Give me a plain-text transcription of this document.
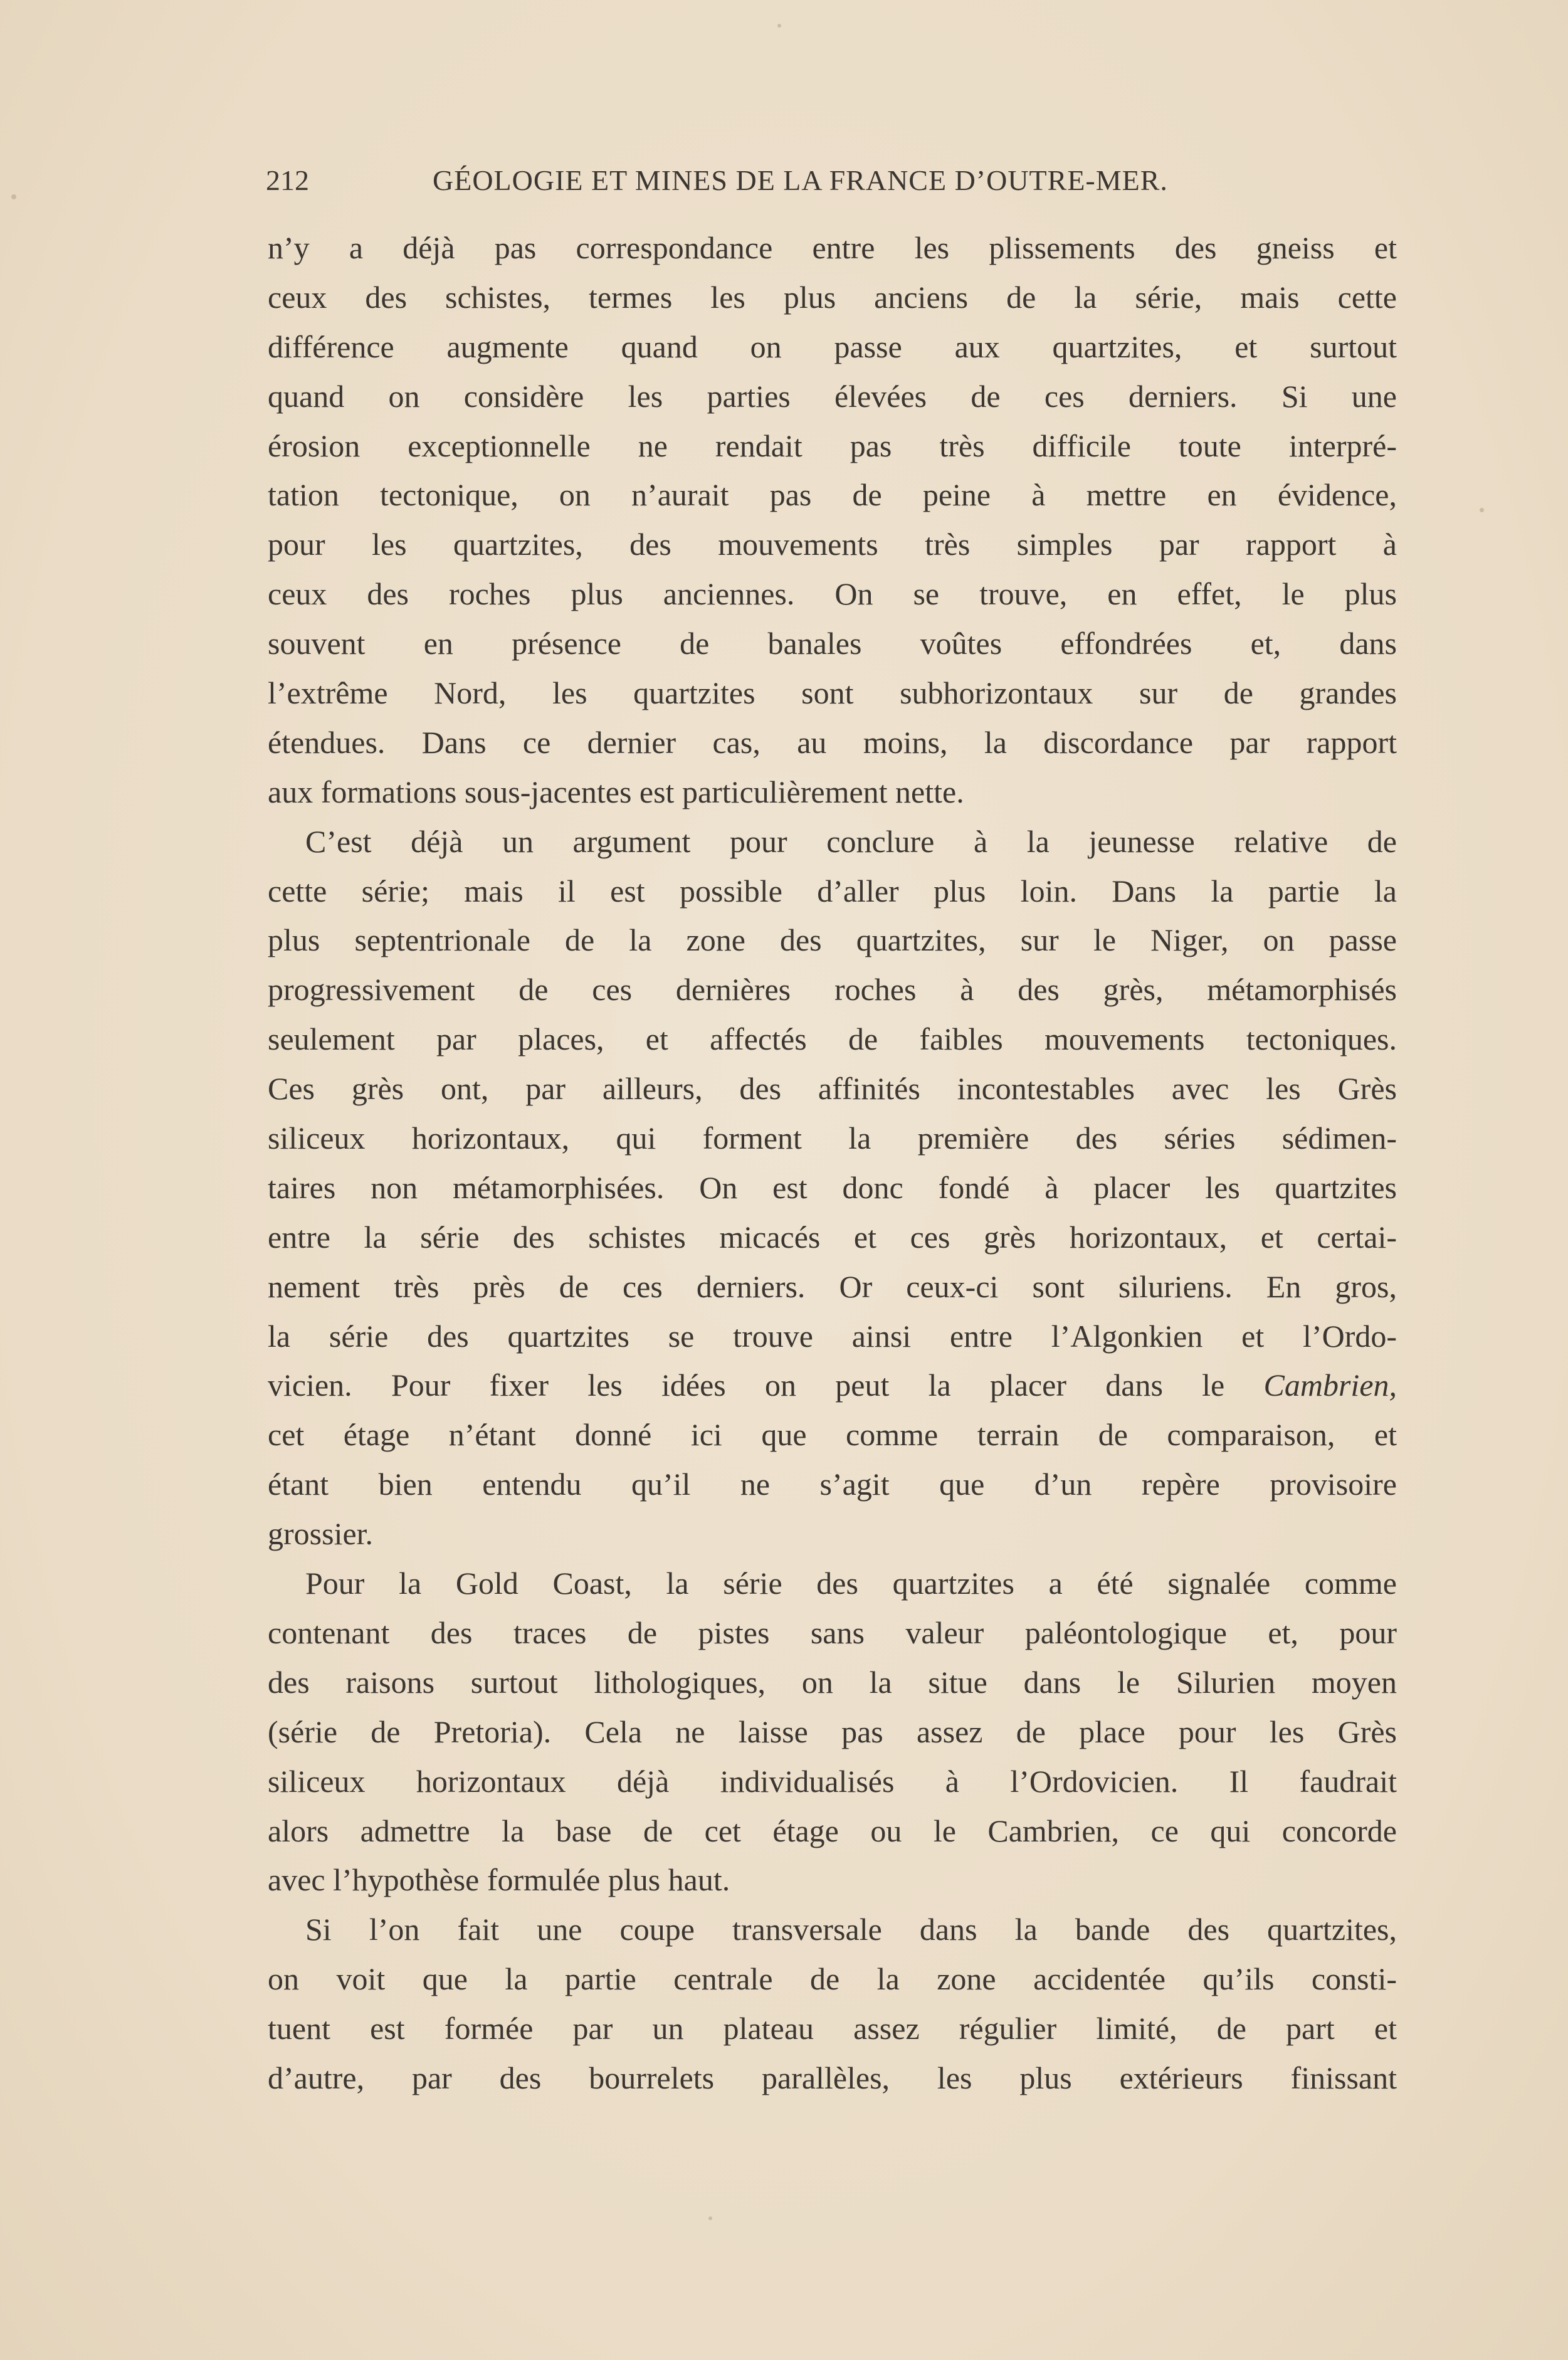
212	GÉOLOGIE ET MINES DE LA FRANCE D’OUTRE-MER.
n’y a déjà pas correspondance entre les plissements des gneiss et
ceux des schistes, termes les plus anciens de la série, mais cette
différence augmente quand on passe aux quartzites, et surtout
quand on considère les parties élevées de ces derniers. Si une
érosion exceptionnelle ne rendait pas très difficile toute interpré-
tation tectonique, on n’aurait pas de peine à mettre en évidence,
pour les quartzites, des mouvements très simples par rapport à
ceux des roches plus anciennes. On se trouve, en effet, le plus
souvent en présence de banales voûtes effondrées et, dans
l’extrême Nord, les quartzites sont subhorizontaux sur de grandes
étendues. Dans ce dernier cas, au moins, la discordance par rapport
aux formations sous-jacentes est particulièrement nette.
C’est déjà un argument pour conclure à la jeunesse relative de
cette série; mais il est possible d’aller plus loin. Dans la partie la
plus septentrionale de la zone des quartzites, sur le Niger, on passe
progressivement de ces dernières roches à des grès, métamorphisés
seulement par places, et affectés de faibles mouvements tectoniques.
Ces grès ont, par ailleurs, des affinités incontestables avec les Grès
siliceux horizontaux, qui forment la première des séries sédimen-
taires non métamorphisées. On est donc fondé à placer les quartzites
entre la série des schistes micacés et ces grès horizontaux, et certai-
nement très près de ces derniers. Or ceux-ci sont siluriens. En gros,
la série des quartzites se trouve ainsi entre l’Algonkien et l’Ordo-
vicien. Pour fixer les idées on peut la placer dans le Cambrien,
cet étage n’étant donné ici que comme terrain de comparaison, et
étant bien entendu qu’il ne s’agit que d’un repère provisoire
grossier.
Pour la Gold Coast, la série des quartzites a été signalée comme
contenant des traces de pistes sans valeur paléontologique et, pour
des raisons surtout lithologiques, on la situe dans le Silurien moyen
(série de Pretoria). Cela ne laisse pas assez de place pour les Grès
siliceux horizontaux déjà individualisés à l’Ordovicien. Il faudrait
alors admettre la base de cet étage ou le Cambrien, ce qui concorde
avec l’hypothèse formulée plus haut.
Si l’on fait une coupe transversale dans la bande des quartzites,
on voit que la partie centrale de la zone accidentée qu’ils consti-
tuent est formée par un plateau assez régulier limité, de part et
d’autre, par des bourrelets parallèles, les plus extérieurs finissant
